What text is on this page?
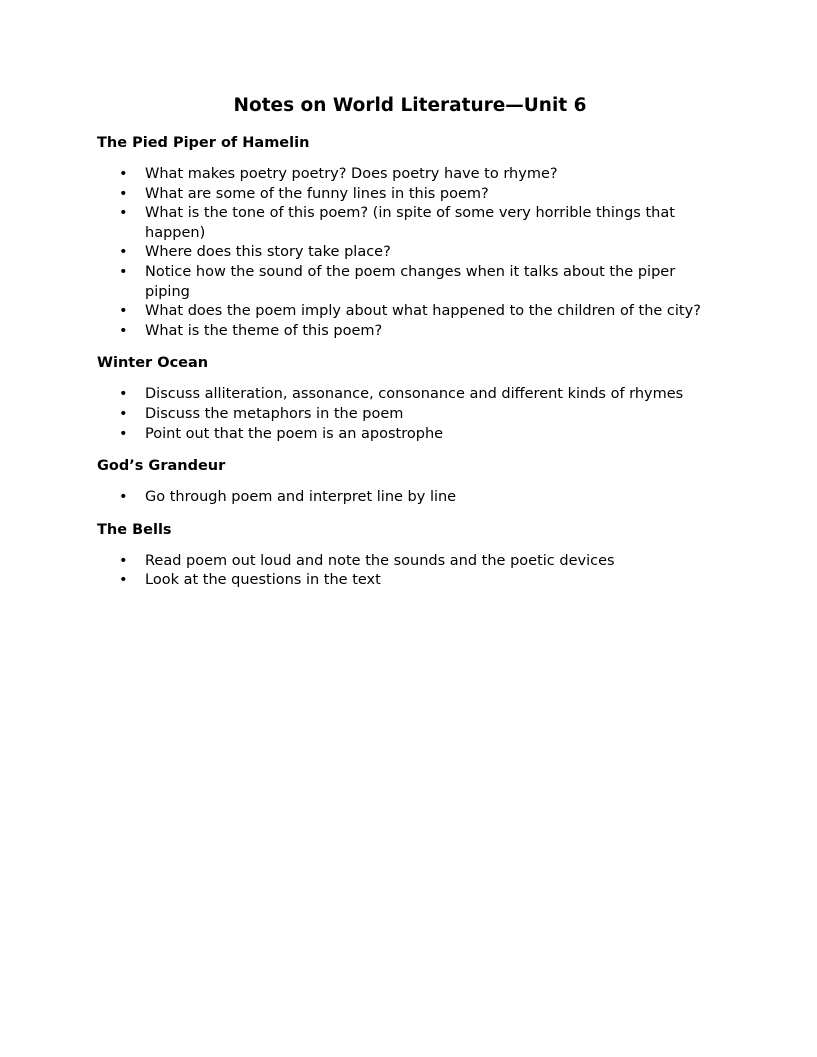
Notes on World Literature—Unit 6
The Pied Piper of Hamelin
• What makes poetry poetry? Does poetry have to rhyme?
• What are some of the funny lines in this poem?
• What is the tone of this poem? (in spite of some very horrible things that happen)
• Where does this story take place?
• Notice how the sound of the poem changes when it talks about the piper piping
• What does the poem imply about what happened to the children of the city?
• What is the theme of this poem?
Winter Ocean
• Discuss alliteration, assonance, consonance and different kinds of rhymes
• Discuss the metaphors in the poem
• Point out that the poem is an apostrophe
God’s Grandeur
• Go through poem and interpret line by line
The Bells
• Read poem out loud and note the sounds and the poetic devices
• Look at the questions in the text
